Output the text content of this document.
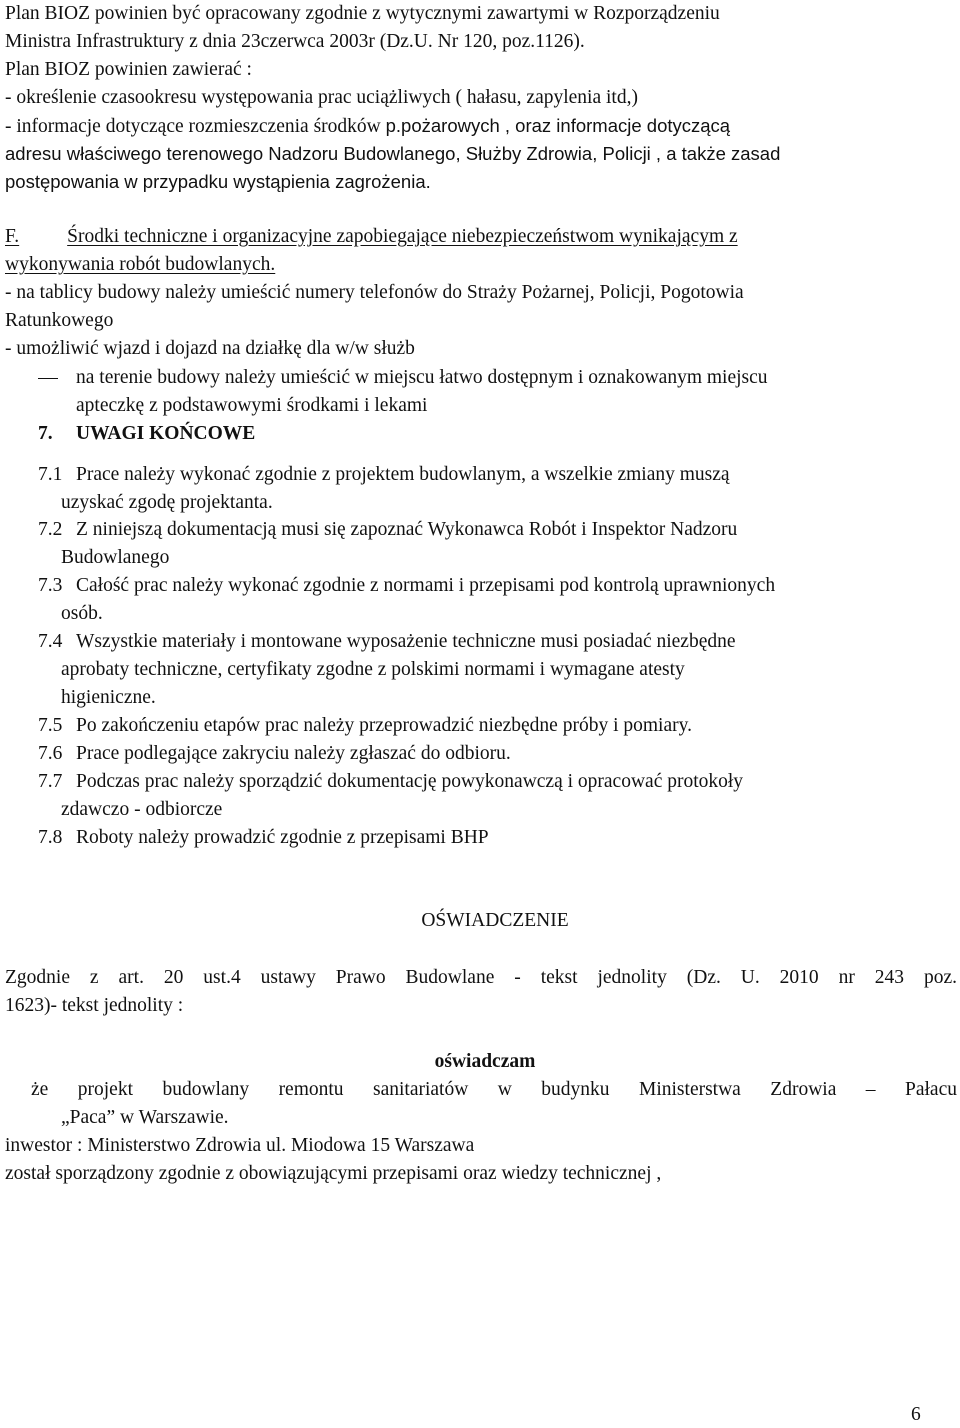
Plan BIOZ powinien być opracowany zgodnie z wytycznymi zawartymi w Rozporządzeniu
Ministra Infrastruktury z dnia 23czerwca 2003r (Dz.U. Nr 120, poz.1126).
Plan BIOZ powinien zawierać :
- określenie czasookresu występowania prac uciążliwych ( hałasu, zapylenia itd,)
- informacje dotyczące rozmieszczenia środków p.pożarowych , oraz informacje dotyczącą
adresu właściwego terenowego Nadzoru Budowlanego, Służby Zdrowia, Policji , a także zasad
postępowania w przypadku wystąpienia zagrożenia.
F. Środki techniczne i organizacyjne zapobiegające niebezpieczeństwom wynikającym z
wykonywania robót budowlanych.
- na tablicy budowy należy umieścić numery telefonów do Straży Pożarnej, Policji, Pogotowia
Ratunkowego
- umożliwić wjazd i dojazd na działkę dla w/w służb
na terenie budowy należy umieścić w miejscu łatwo dostępnym i oznakowanym miejscu
apteczkę z podstawowymi środkami i lekami
7. UWAGI KOŃCOWE
7.1 Prace należy wykonać zgodnie z projektem budowlanym, a wszelkie zmiany muszą
uzyskać zgodę projektanta.
7.2 Z niniejszą dokumentacją musi się zapoznać Wykonawca Robót i Inspektor Nadzoru
Budowlanego
7.3 Całość prac należy wykonać zgodnie z normami i przepisami pod kontrolą uprawnionych
osób.
7.4 Wszystkie materiały i montowane wyposażenie techniczne musi posiadać niezbędne
aprobaty techniczne, certyfikaty zgodne z polskimi normami i wymagane atesty
higieniczne.
7.5 Po zakończeniu etapów prac należy przeprowadzić niezbędne próby i pomiary.
7.6 Prace podlegające zakryciu należy zgłaszać do odbioru.
7.7 Podczas prac należy sporządzić dokumentację powykonawczą i opracować protokoły
zdawczo - odbiorcze
7.8 Roboty należy prowadzić zgodnie z przepisami BHP
OŚWIADCZENIE
Zgodnie z art. 20 ust.4 ustawy Prawo Budowlane - tekst jednolity (Dz. U. 2010 nr 243 poz.
1623)- tekst jednolity :
oświadczam
że projekt budowlany remontu sanitariatów w budynku Ministerstwa Zdrowia – Pałacu
„Paca” w Warszawie.
inwestor : Ministerstwo Zdrowia ul. Miodowa 15 Warszawa
został sporządzony zgodnie z obowiązującymi przepisami oraz wiedzy technicznej ,
6
